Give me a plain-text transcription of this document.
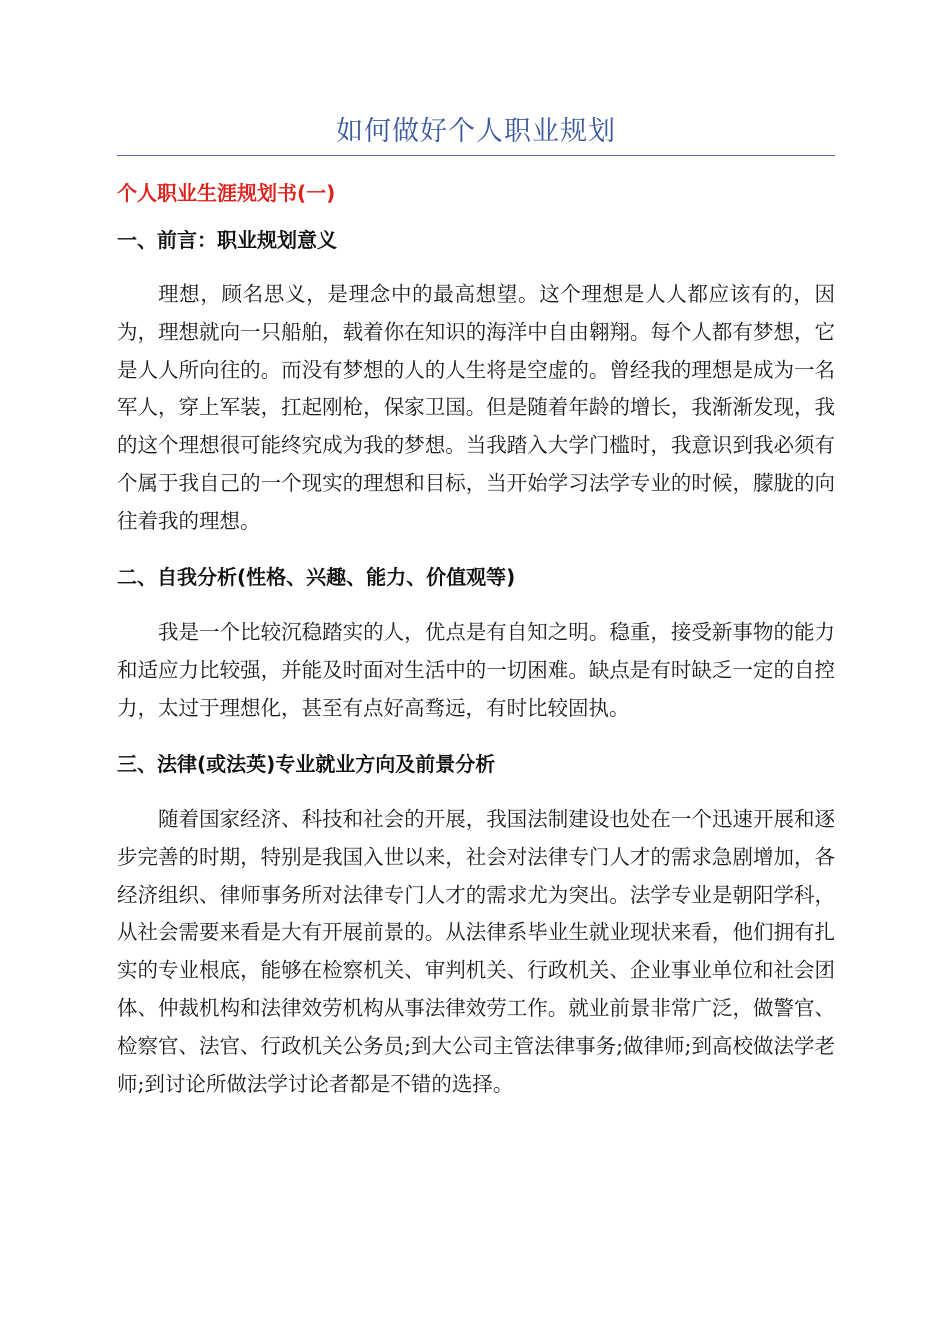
如何做好个人职业规划
个人职业生涯规划书(一)
一、前言：职业规划意义
理想，顾名思义，是理念中的最高想望。这个理想是人人都应该有的，因为，理想就向一只船舶，载着你在知识的海洋中自由翱翔。每个人都有梦想，它是人人所向往的。而没有梦想的人的人生将是空虚的。曾经我的理想是成为一名军人，穿上军装，扛起刚枪，保家卫国。但是随着年龄的增长，我渐渐发现，我的这个理想很可能终究成为我的梦想。当我踏入大学门槛时，我意识到我必须有个属于我自己的一个现实的理想和目标，当开始学习法学专业的时候，朦胧的向往着我的理想。
二、自我分析(性格、兴趣、能力、价值观等)
我是一个比较沉稳踏实的人，优点是有自知之明。稳重，接受新事物的能力和适应力比较强，并能及时面对生活中的一切困难。缺点是有时缺乏一定的自控力，太过于理想化，甚至有点好高骛远，有时比较固执。
三、法律(或法英)专业就业方向及前景分析
随着国家经济、科技和社会的开展，我国法制建设也处在一个迅速开展和逐步完善的时期，特别是我国入世以来，社会对法律专门人才的需求急剧增加，各经济组织、律师事务所对法律专门人才的需求尤为突出。法学专业是朝阳学科，从社会需要来看是大有开展前景的。从法律系毕业生就业现状来看，他们拥有扎实的专业根底，能够在检察机关、审判机关、行政机关、企业事业单位和社会团体、仲裁机构和法律效劳机构从事法律效劳工作。就业前景非常广泛，做警官、检察官、法官、行政机关公务员;到大公司主管法律事务;做律师;到高校做法学老师;到讨论所做法学讨论者都是不错的选择。
